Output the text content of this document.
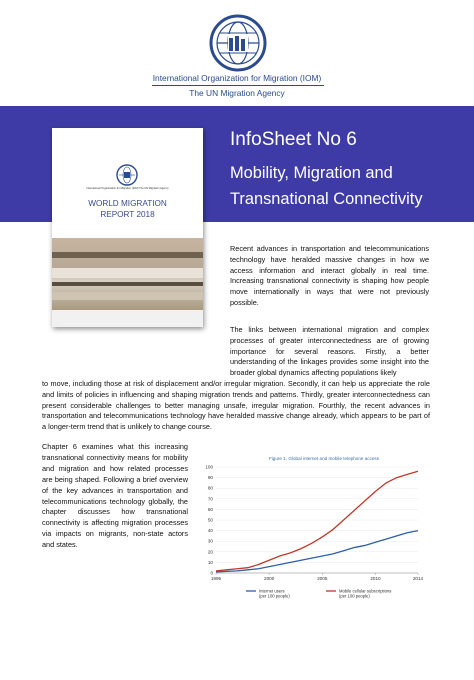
International Organization for Migration (IOM)
The UN Migration Agency
InfoSheet No 6
Mobility, Migration and Transnational Connectivity
International Organization for Migration (IOM) The UN Migration Agency
WORLD MIGRATION
REPORT 2018

Recent advances in transportation and telecommunications technology have heralded massive changes in how we access information and interact globally in real time. Increasing transnational connectivity is shaping how people move internationally in ways that were not previously possible.

The links between international migration and complex processes of greater interconnectedness are of growing importance for several reasons. Firstly, a better understanding of the linkages provides some insight into the broader global dynamics affecting populations likely

to move, including those at risk of displacement and/or irregular migration. Secondly, it can help us appreciate the role and limits of policies in influencing and shaping migration trends and patterns. Thirdly, greater interconnectedness can present considerable challenges to better managing unsafe, irregular migration. Fourthly, the recent advances in transportation and telecommunications technology have heralded massive change already, which appears to be part of a longer-term trend that is unlikely to change course.

Chapter 6 examines what this increasing transnational connectivity means for mobility and migration and how related processes are being shaped. Following a brief overview of the key advances in transportation and telecommunications technology globally, the chapter discusses how transnational connectivity is affecting migration processes via impacts on migrants, non-state actors and states.

Figure 1. Global internet and mobile telephone access
0
10
20
30
40
50
60
70
80
90
100
1995	2000	2005	2010	2014
Internet users
(per 100 people)
Mobile cellular subscriptions
(per 100 people)
